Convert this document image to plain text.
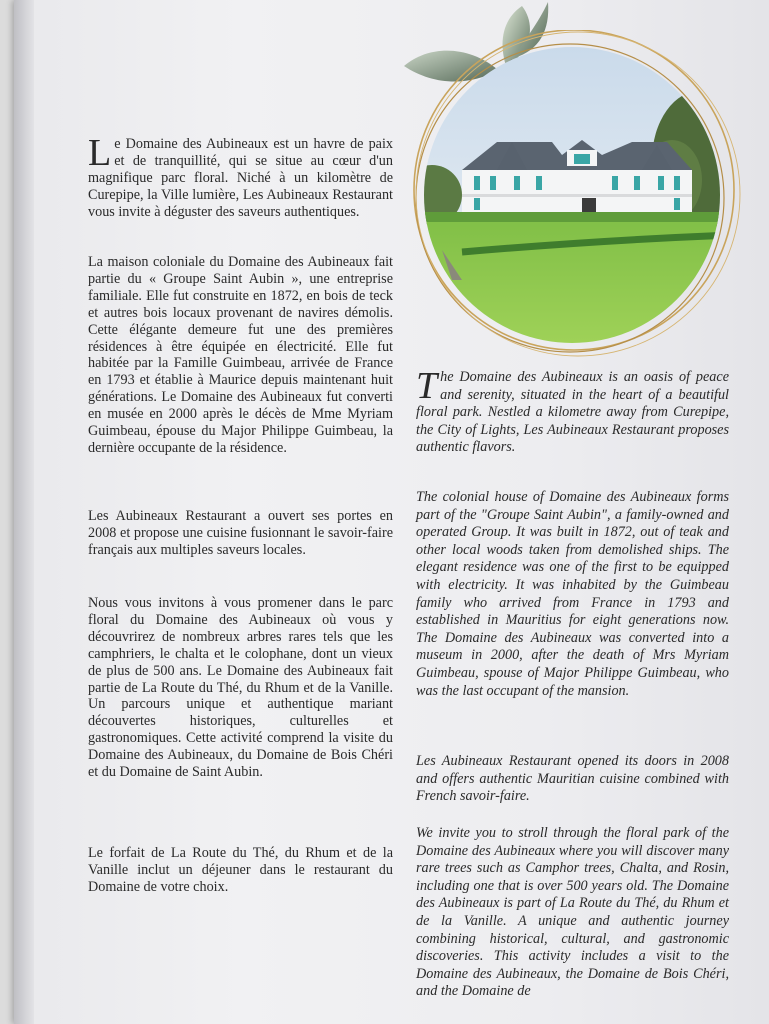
Le Domaine des Aubineaux est un havre de paix et de tranquillité, qui se situe au cœur d'un magnifique parc floral. Niché à un kilomètre de Curepipe, la Ville lumière, Les Aubineaux Restaurant vous invite à déguster des saveurs authentiques.

La maison coloniale du Domaine des Aubineaux fait partie du « Groupe Saint Aubin », une entreprise familiale. Elle fut construite en 1872, en bois de teck et autres bois locaux provenant de navires démolis. Cette élégante demeure fut une des premières résidences à être équipée en électricité. Elle fut habitée par la Famille Guimbeau, arrivée de France en 1793 et établie à Maurice depuis maintenant huit générations. Le Domaine des Aubineaux fut converti en musée en 2000 après le décès de Mme Myriam Guimbeau, épouse du Major Philippe Guimbeau, la dernière occupante de la résidence.

Les Aubineaux Restaurant a ouvert ses portes en 2008 et propose une cuisine fusionnant le savoir-faire français aux multiples saveurs locales.

Nous vous invitons à vous promener dans le parc floral du Domaine des Aubineaux où vous y découvrirez de nombreux arbres rares tels que les camphriers, le chalta et le colophane, dont un vieux de plus de 500 ans. Le Domaine des Aubineaux fait partie de La Route du Thé, du Rhum et de la Vanille. Un parcours unique et authentique mariant découvertes historiques, culturelles et gastronomiques. Cette activité comprend la visite du Domaine des Aubineaux, du Domaine de Bois Chéri et du Domaine de Saint Aubin.

Le forfait de La Route du Thé, du Rhum et de la Vanille inclut un déjeuner dans le restaurant du Domaine de votre choix.

The Domaine des Aubineaux is an oasis of peace and serenity, situated in the heart of a beautiful floral park. Nestled a kilometre away from Curepipe, the City of Lights, Les Aubineaux Restaurant proposes authentic flavors.

The colonial house of Domaine des Aubineaux forms part of the "Groupe Saint Aubin", a family-owned and operated Group. It was built in 1872, out of teak and other local woods taken from demolished ships. The elegant residence was one of the first to be equipped with electricity. It was inhabited by the Guimbeau family who arrived from France in 1793 and established in Mauritius for eight generations now. The Domaine des Aubineaux was converted into a museum in 2000, after the death of Mrs Myriam Guimbeau, spouse of Major Philippe Guimbeau, who was the last occupant of the mansion.

Les Aubineaux Restaurant opened its doors in 2008 and offers authentic Mauritian cuisine combined with French savoir-faire.

We invite you to stroll through the floral park of the Domaine des Aubineaux where you will discover many rare trees such as Camphor trees, Chalta, and Rosin, including one that is over 500 years old. The Domaine des Aubineaux is part of La Route du Thé, du Rhum et de la Vanille. A unique and authentic journey combining historical, cultural, and gastronomic discoveries. This activity includes a visit to the Domaine des Aubineaux, the Domaine de Bois Chéri, and the Domaine de
